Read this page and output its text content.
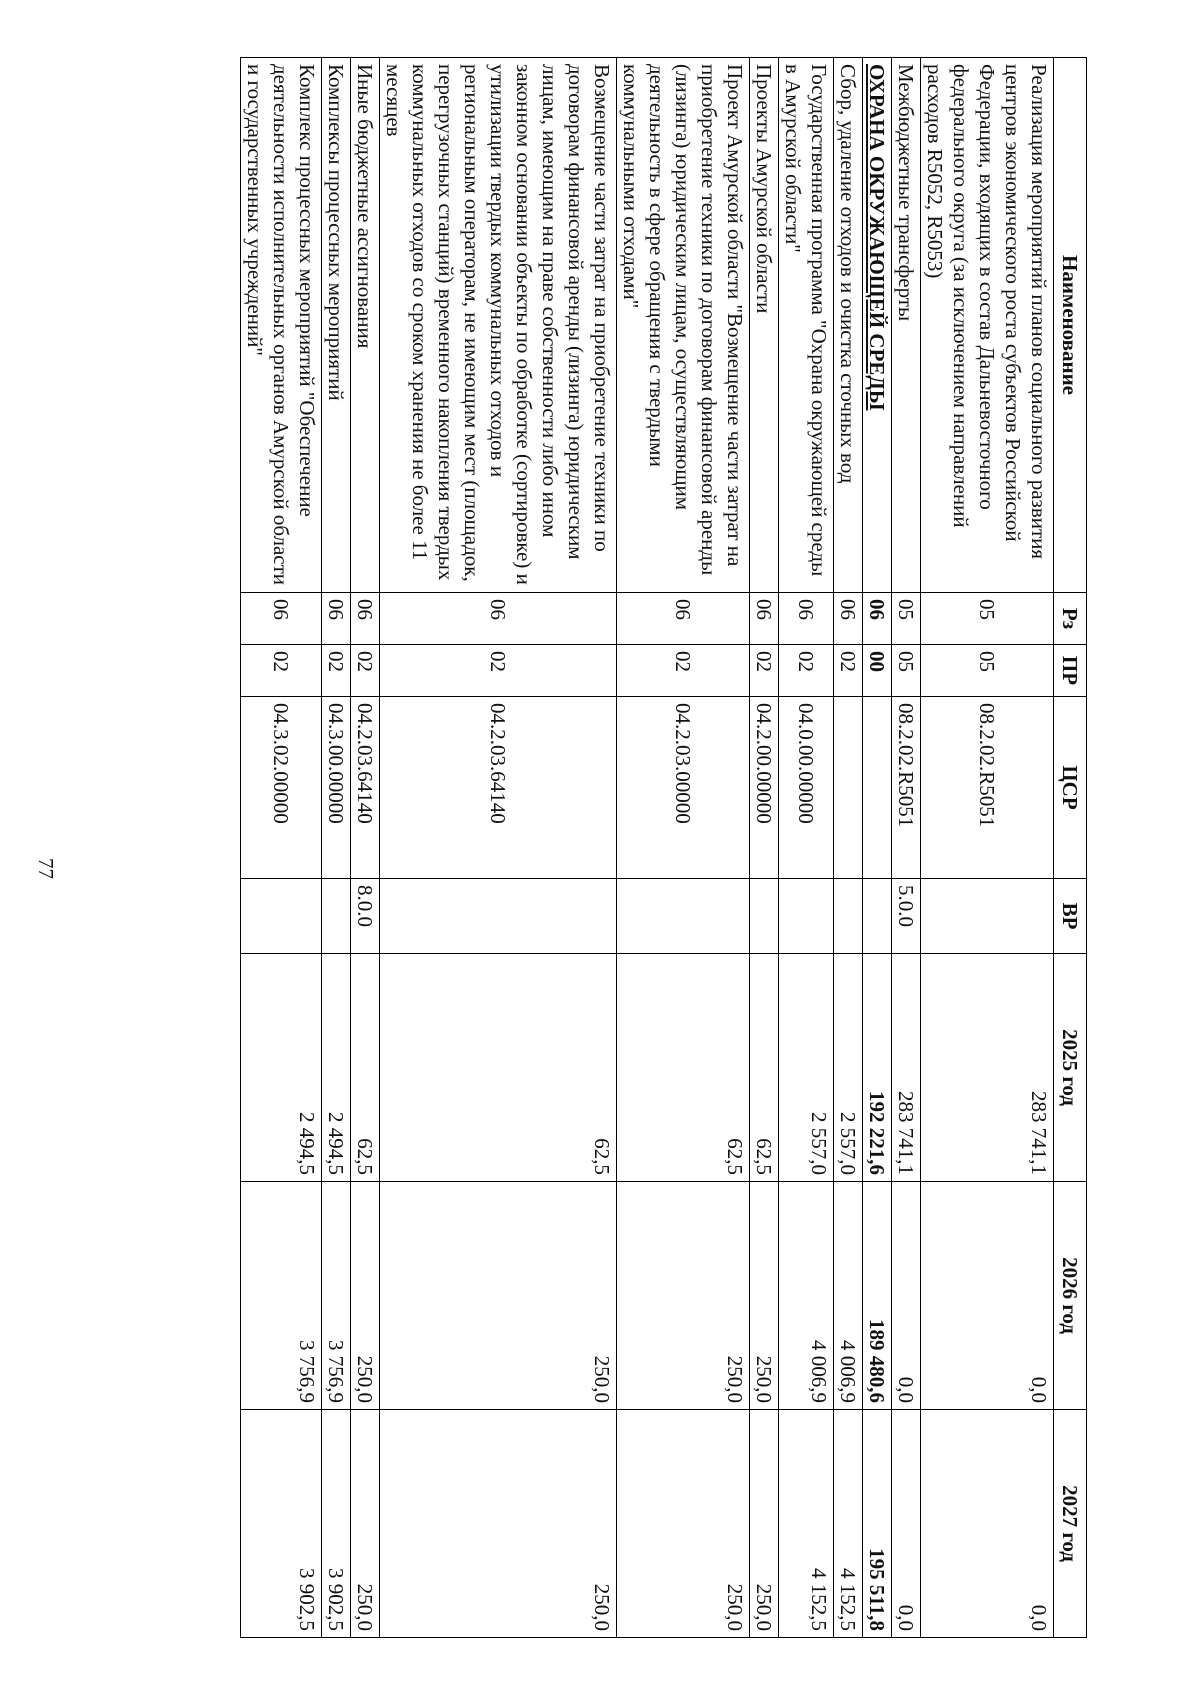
77
Наименование	Рз	ПР	ЦСР	ВР	2025 год	2026 год	2027 год
Реализация мероприятий планов социального развития центров экономического роста субъектов Российской Федерации, входящих в состав Дальневосточного федерального округа (за исключением направлений расходов R5052, R5053)	05	05	08.2.02.R5051		283 741,1	0,0	0,0
Межбюджетные трансферты	05	05	08.2.02.R5051	5.0.0	283 741,1	0,0	0,0
ОХРАНА ОКРУЖАЮЩЕЙ СРЕДЫ	06	00			192 221,6	189 480,6	195 511,8
Сбор, удаление отходов и очистка сточных вод	06	02			2 557,0	4 006,9	4 152,5
Государственная программа "Охрана окружающей среды в Амурской области"	06	02	04.0.00.00000		2 557,0	4 006,9	4 152,5
Проекты Амурской области	06	02	04.2.00.00000		62,5	250,0	250,0
Проект Амурской области "Возмещение части затрат на приобретение техники по договорам финансовой аренды (лизинга) юридическим лицам, осуществляющим деятельность в сфере обращения с твердыми коммунальными отходами"	06	02	04.2.03.00000		62,5	250,0	250,0
Возмещение части затрат на приобретение техники по договорам финансовой аренды (лизинга) юридическим лицам, имеющим на праве собственности либо ином законном основании объекты по обработке (сортировке) и утилизации твердых коммунальных отходов и региональным операторам, не имеющим мест (площадок, перегрузочных станций) временного накопления твердых коммунальных отходов со сроком хранения не более 11 месяцев	06	02	04.2.03.64140		62,5	250,0	250,0
Иные бюджетные ассигнования	06	02	04.2.03.64140	8.0.0	62,5	250,0	250,0
Комплексы процессных мероприятий	06	02	04.3.00.00000		2 494,5	3 756,9	3 902,5
Комплекс процессных мероприятий "Обеспечение деятельности исполнительных органов Амурской области и государственных учреждений"	06	02	04.3.02.00000		2 494,5	3 756,9	3 902,5
